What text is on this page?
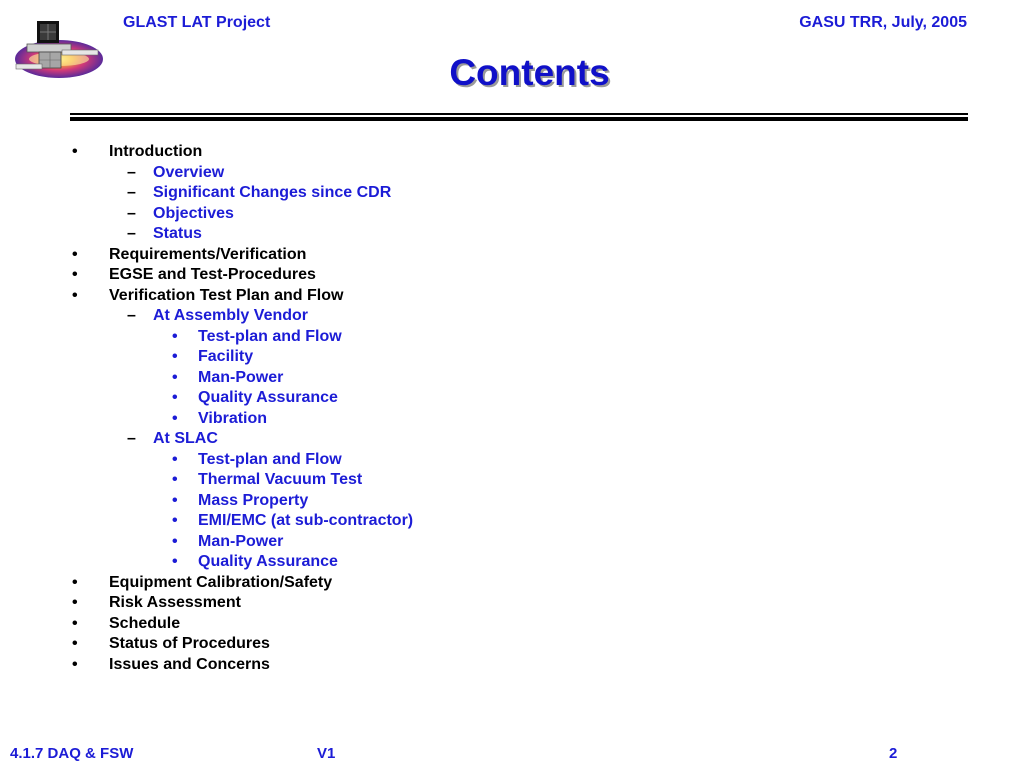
GLAST LAT Project	GASU TRR, July, 2005
Contents
• Introduction
– Overview
– Significant Changes since CDR
– Objectives
– Status
• Requirements/Verification
• EGSE and Test-Procedures
• Verification Test Plan and Flow
– At Assembly Vendor
• Test-plan and Flow
• Facility
• Man-Power
• Quality Assurance
• Vibration
– At SLAC
• Test-plan and Flow
• Thermal Vacuum Test
• Mass Property
• EMI/EMC (at sub-contractor)
• Man-Power
• Quality Assurance
• Equipment Calibration/Safety
• Risk Assessment
• Schedule
• Status of Procedures
• Issues and Concerns
4.1.7 DAQ & FSW	V1	2
